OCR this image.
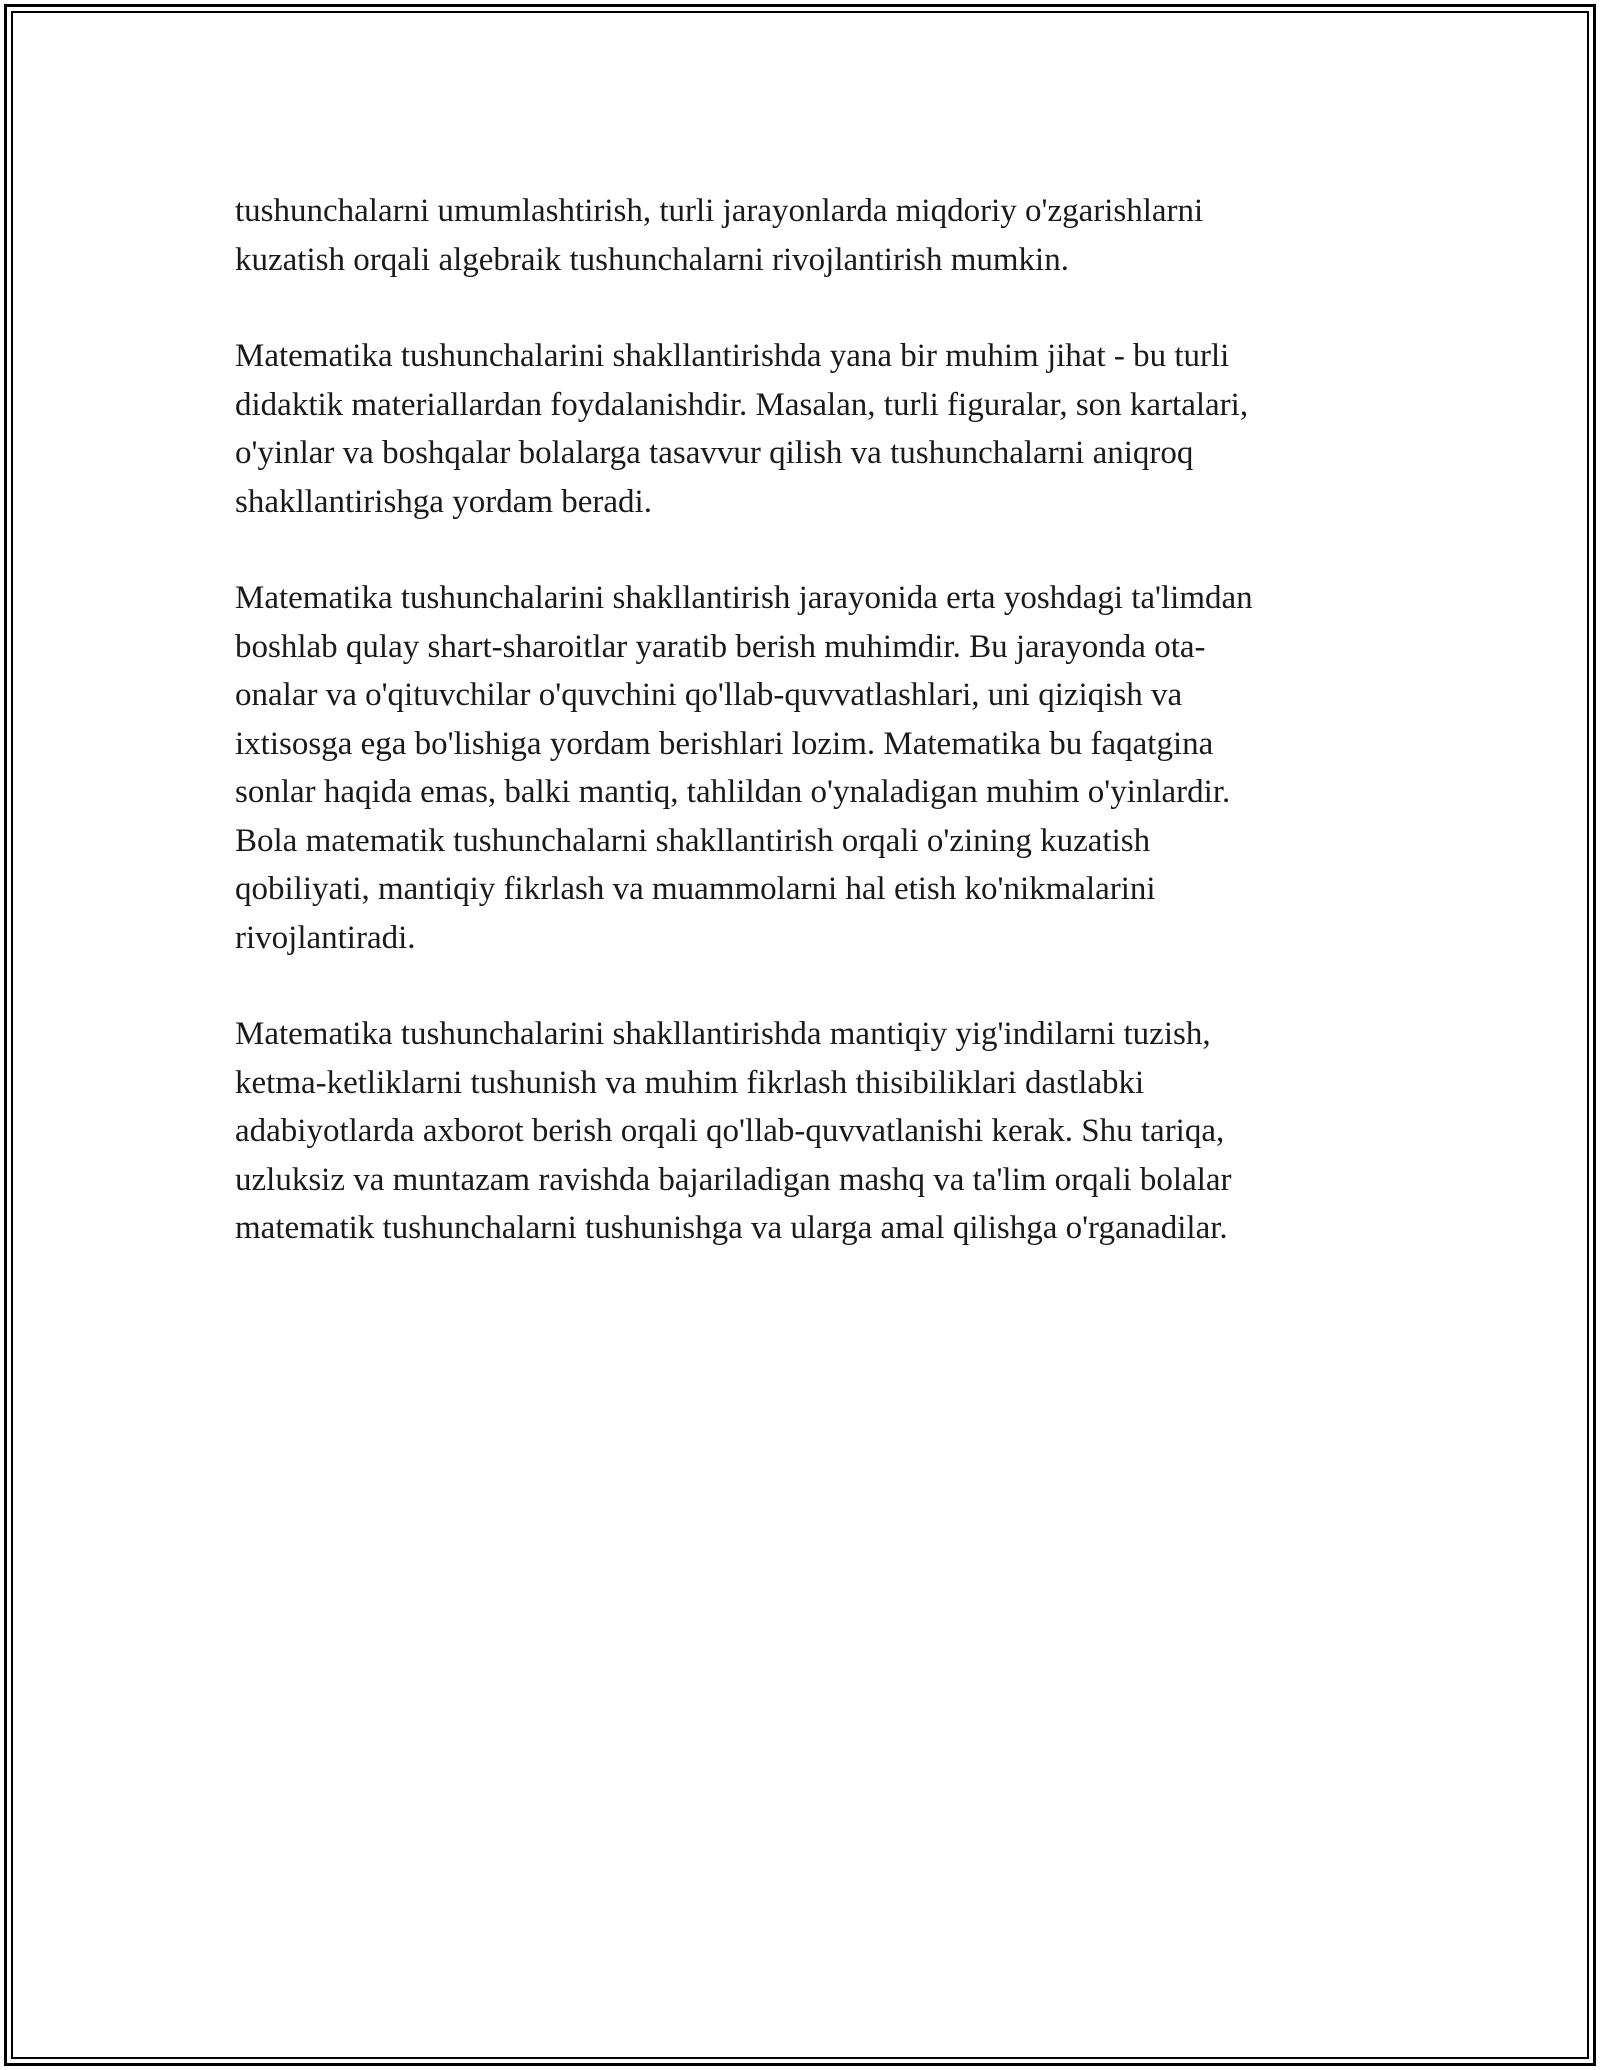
tushunchalarni umumlashtirish, turli jarayonlarda miqdoriy o'zgarishlarni
kuzatish orqali algebraik tushunchalarni rivojlantirish mumkin.

Matematika tushunchalarini shakllantirishda yana bir muhim jihat - bu turli
didaktik materiallardan foydalanishdir. Masalan, turli figuralar, son kartalari,
o'yinlar va boshqalar bolalarga tasavvur qilish va tushunchalarni aniqroq
shakllantirishga yordam beradi.

Matematika tushunchalarini shakllantirish jarayonida erta yoshdagi ta'limdan
boshlab qulay shart-sharoitlar yaratib berish muhimdir. Bu jarayonda ota-
onalar va o'qituvchilar o'quvchini qo'llab-quvvatlashlari, uni qiziqish va
ixtisosga ega bo'lishiga yordam berishlari lozim. Matematika bu faqatgina
sonlar haqida emas, balki mantiq, tahlildan o'ynaladigan muhim o'yinlardir.
Bola matematik tushunchalarni shakllantirish orqali o'zining kuzatish
qobiliyati, mantiqiy fikrlash va muammolarni hal etish ko'nikmalarini
rivojlantiradi.

Matematika tushunchalarini shakllantirishda mantiqiy yig'indilarni tuzish,
ketma-ketliklarni tushunish va muhim fikrlash thisibiliklari dastlabki
adabiyotlarda axborot berish orqali qo'llab-quvvatlanishi kerak. Shu tariqa,
uzluksiz va muntazam ravishda bajariladigan mashq va ta'lim orqali bolalar
matematik tushunchalarni tushunishga va ularga amal qilishga o'rganadilar.
